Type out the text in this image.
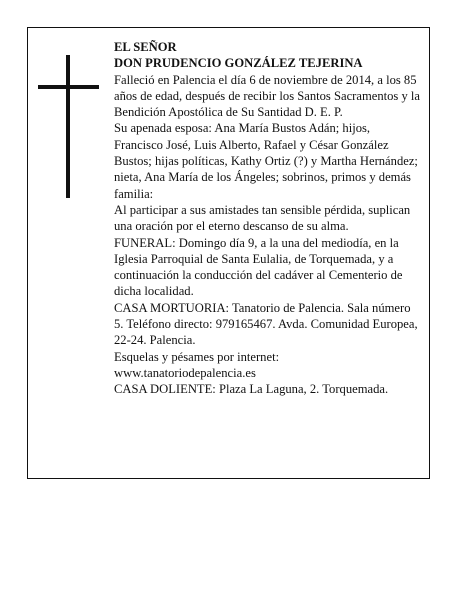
EL SEÑOR

DON PRUDENCIO GONZÁLEZ TEJERINA

Falleció en Palencia el día 6 de noviembre de 2014, a los 85 años de edad, después de recibir los Santos Sacramentos y la Bendición Apostólica de Su Santidad D. E. P.

Su apenada esposa: Ana María Bustos Adán; hijos, Francisco José, Luis Alberto, Rafael y César González Bustos; hijas políticas, Kathy Ortiz (?) y Martha Hernández; nieta, Ana María de los Ángeles; sobrinos, primos y demás familia:

Al participar a sus amistades tan sensible pérdida, suplican una oración por el eterno descanso de su alma.

FUNERAL: Domingo día 9, a la una del mediodía, en la Iglesia Parroquial de Santa Eulalia, de Torquemada, y a continuación la conducción del cadáver al Cementerio de dicha localidad.

CASA MORTUORIA: Tanatorio de Palencia. Sala número 5. Teléfono directo: 979165467. Avda. Comunidad Europea, 22-24. Palencia.

Esquelas y pésames por internet: www.tanatoriodepalencia.es

CASA DOLIENTE: Plaza La Laguna, 2. Torquemada.
